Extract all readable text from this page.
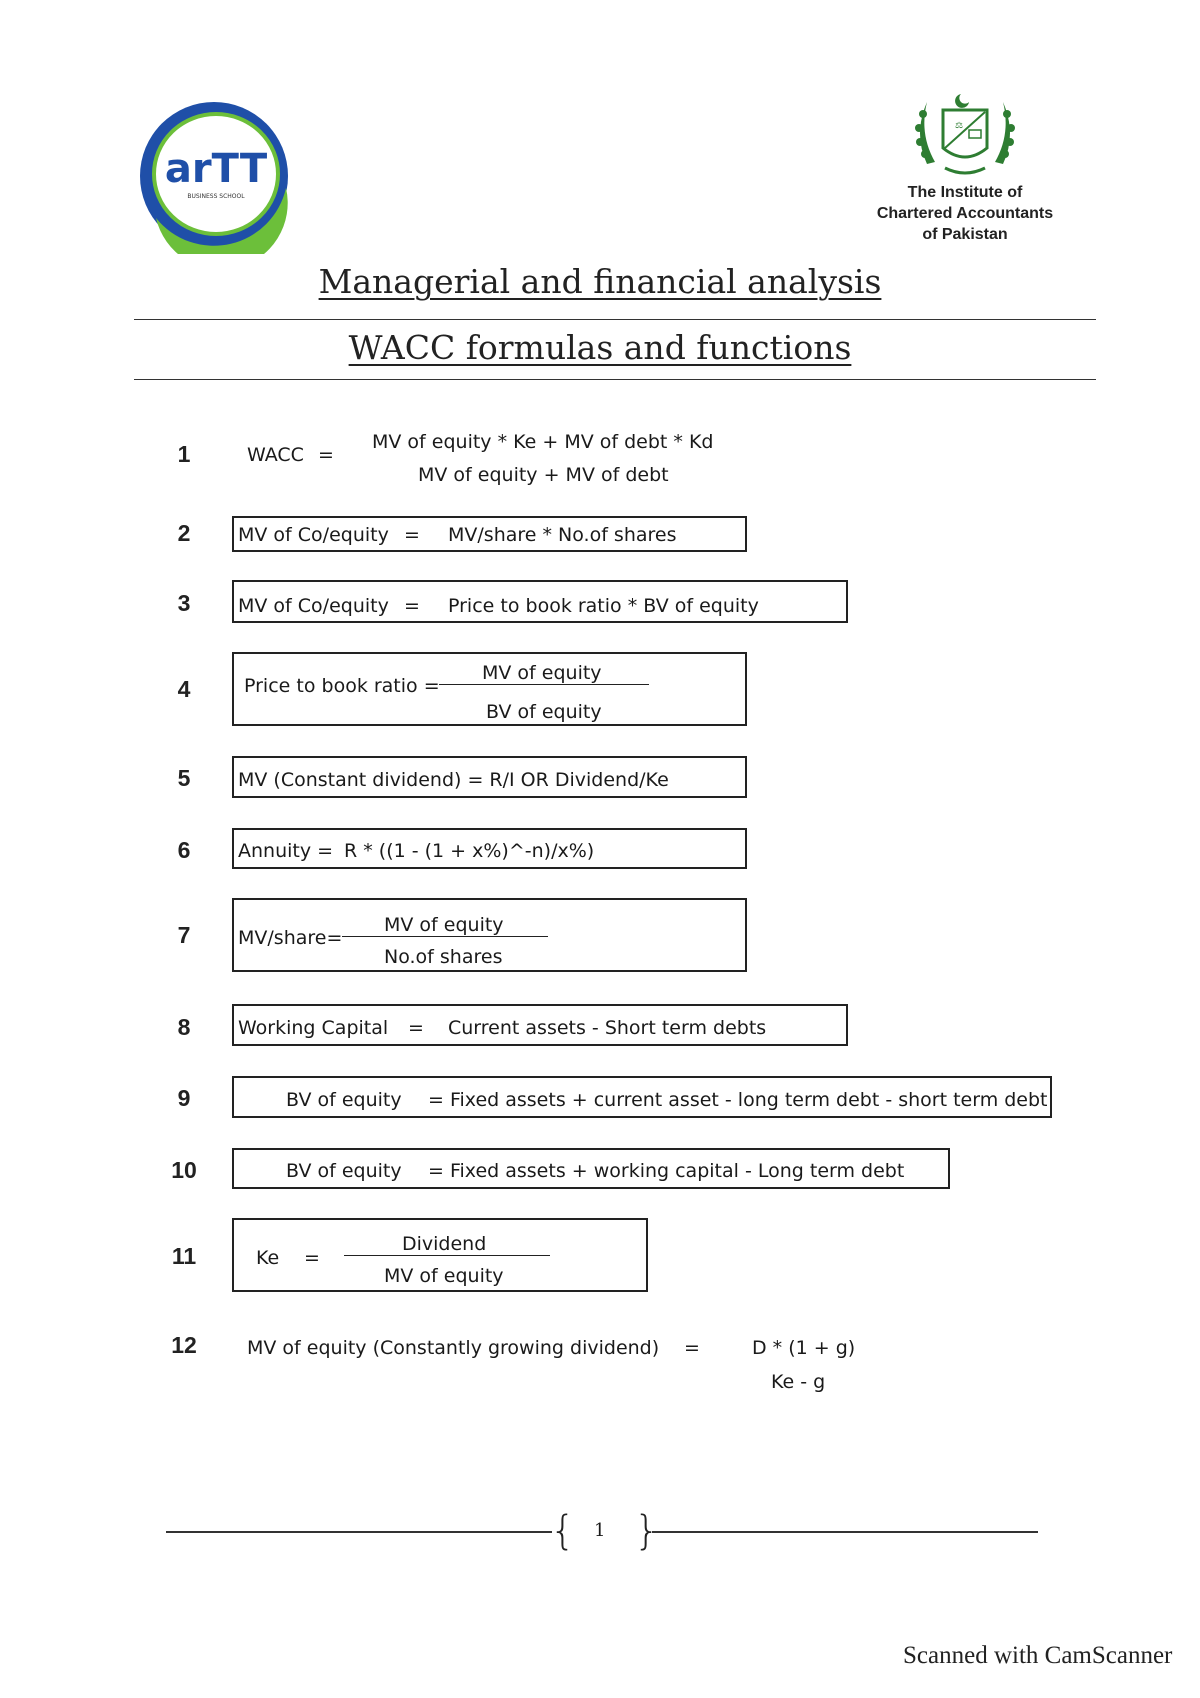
arTT
BUSINESS SCHOOL
⚖
The Institute of
Chartered Accountants
of Pakistan
Managerial and financial analysis
WACC formulas and functions
1	WACC =
MV of equity * Ke + MV of debt * Kd
MV of equity + MV of debt
2	MV of Co/equity = MV/share * No.of shares
3	MV of Co/equity = Price to book ratio * BV of equity
4	Price to book ratio =
MV of equity
BV of equity
5	MV (Constant dividend) = R/I OR Dividend/Ke
6	Annuity = R * ((1 - (1 + x%)^-n)/x%)
7	MV/share=
MV of equity
No.of shares
8	Working Capital = Current assets - Short term debts
9	BV of equity = Fixed assets + current asset - long term debt - short term debt
10	BV of equity = Fixed assets + working capital - Long term debt
11	Ke =
Dividend
MV of equity
12	MV of equity (Constantly growing dividend) =	D * (1 + g)
Ke - g
{ 1 }
Scanned with CamScanner
